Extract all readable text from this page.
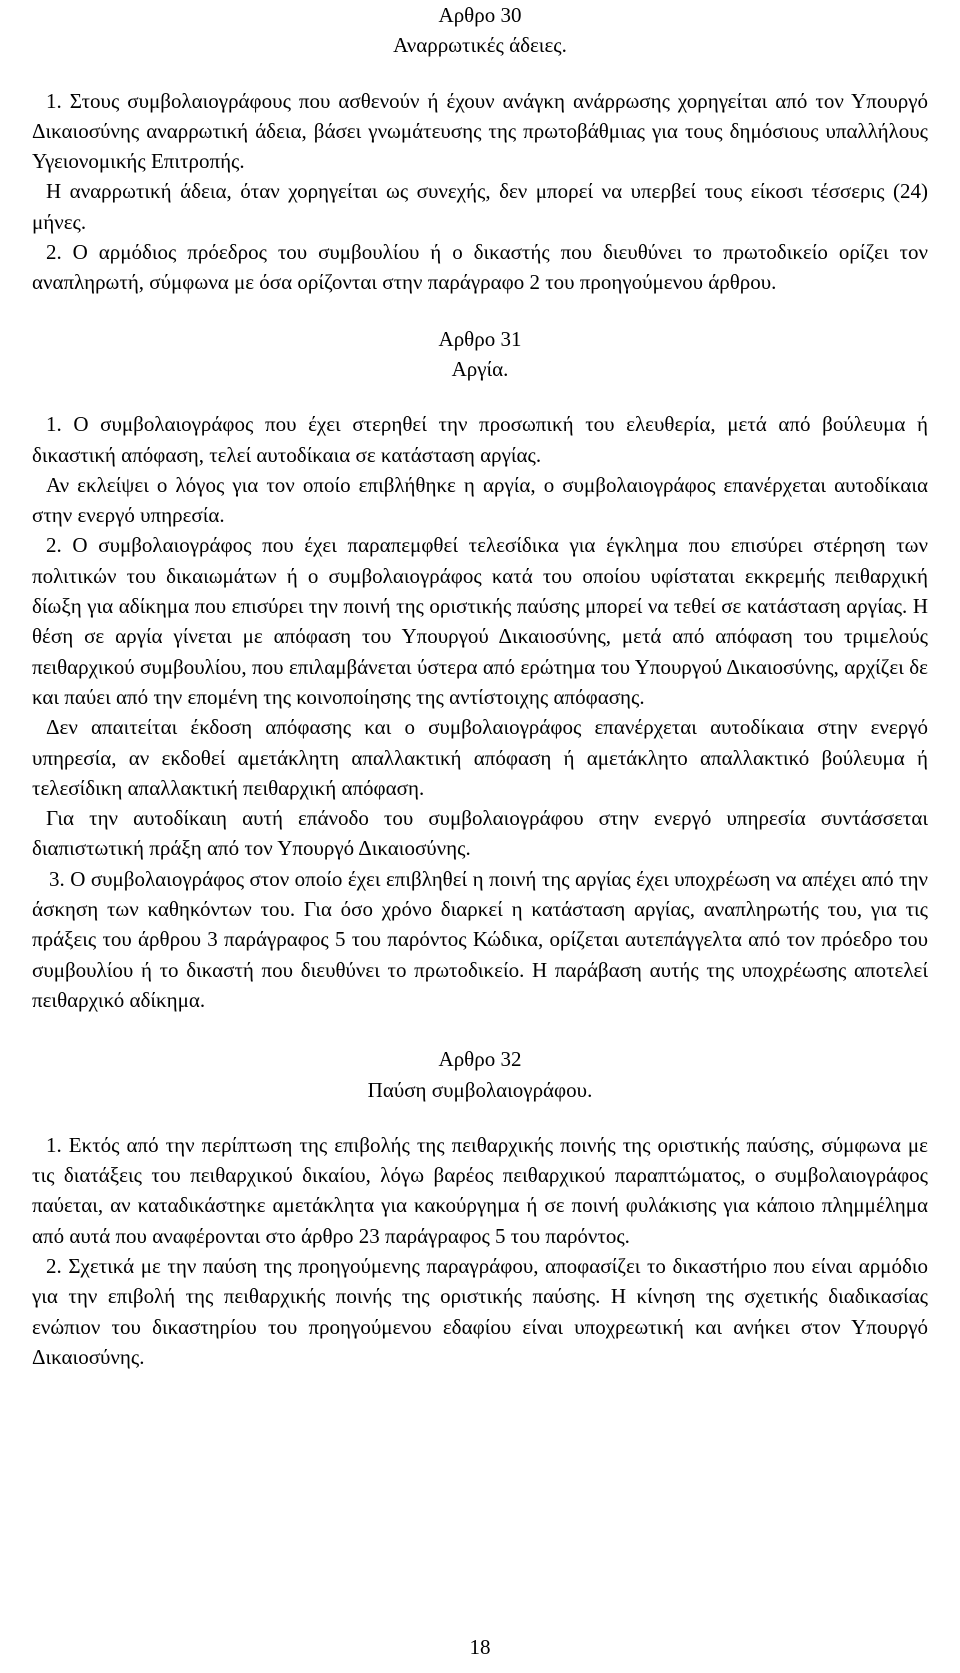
Αρθρο 30
Αναρρωτικές άδειες.

1. Στους συμβολαιογράφους που ασθενούν ή έχουν ανάγκη ανάρρωσης χορηγείται από τον Υπουργό Δικαιοσύνης αναρρωτική άδεια, βάσει γνωμάτευσης της πρωτοβάθμιας για τους δημόσιους υπαλλήλους Υγειονομικής Επιτροπής.

Η αναρρωτική άδεια, όταν χορηγείται ως συνεχής, δεν μπορεί να υπερβεί τους είκοσι τέσσερις (24) μήνες.

2. Ο αρμόδιος πρόεδρος του συμβουλίου ή ο δικαστής που διευθύνει το πρωτοδικείο ορίζει τον αναπληρωτή, σύμφωνα με όσα ορίζονται στην παράγραφο 2 του προηγούμενου άρθρου.

Αρθρο 31
Αργία.

1. Ο συμβολαιογράφος που έχει στερηθεί την προσωπική του ελευθερία, μετά από βούλευμα ή δικαστική απόφαση, τελεί αυτοδίκαια σε κατάσταση αργίας.

Αν εκλείψει ο λόγος για τον οποίο επιβλήθηκε η αργία, ο συμβολαιογράφος επανέρχεται αυτοδίκαια στην ενεργό υπηρεσία.

2. Ο συμβολαιογράφος που έχει παραπεμφθεί τελεσίδικα για έγκλημα που επισύρει στέρηση των πολιτικών του δικαιωμάτων ή ο συμβολαιογράφος κατά του οποίου υφίσταται εκκρεμής πειθαρχική δίωξη για αδίκημα που επισύρει την ποινή της οριστικής παύσης μπορεί να τεθεί σε κατάσταση αργίας. Η θέση σε αργία γίνεται με απόφαση του Υπουργού Δικαιοσύνης, μετά από απόφαση του τριμελούς πειθαρχικού συμβουλίου, που επιλαμβάνεται ύστερα από ερώτημα του Υπουργού Δικαιοσύνης, αρχίζει δε και παύει από την επομένη της κοινοποίησης της αντίστοιχης απόφασης.

Δεν απαιτείται έκδοση απόφασης και ο συμβολαιογράφος επανέρχεται αυτοδίκαια στην ενεργό υπηρεσία, αν εκδοθεί αμετάκλητη απαλλακτική απόφαση ή αμετάκλητο απαλλακτικό βούλευμα ή τελεσίδικη απαλλακτική πειθαρχική απόφαση.

Για την αυτοδίκαιη αυτή επάνοδο του συμβολαιογράφου στην ενεργό υπηρεσία συντάσσεται διαπιστωτική πράξη από τον Υπουργό Δικαιοσύνης.

3. Ο συμβολαιογράφος στον οποίο έχει επιβληθεί η ποινή της αργίας έχει υποχρέωση να απέχει από την άσκηση των καθηκόντων του. Για όσο χρόνο διαρκεί η κατάσταση αργίας, αναπληρωτής του, για τις πράξεις του άρθρου 3 παράγραφος 5 του παρόντος Κώδικα, ορίζεται αυτεπάγγελτα από τον πρόεδρο του συμβουλίου ή το δικαστή που διευθύνει το πρωτοδικείο. Η παράβαση αυτής της υποχρέωσης αποτελεί πειθαρχικό αδίκημα.

Αρθρο 32
Παύση συμβολαιογράφου.

1. Εκτός από την περίπτωση της επιβολής της πειθαρχικής ποινής της οριστικής παύσης, σύμφωνα με τις διατάξεις του πειθαρχικού δικαίου, λόγω βαρέος πειθαρχικού παραπτώματος, ο συμβολαιογράφος παύεται, αν καταδικάστηκε αμετάκλητα για κακούργημα ή σε ποινή φυλάκισης για κάποιο πλημμέλημα από αυτά που αναφέρονται στο άρθρο 23 παράγραφος 5 του παρόντος.

2. Σχετικά με την παύση της προηγούμενης παραγράφου, αποφασίζει το δικαστήριο που είναι αρμόδιο για την επιβολή της πειθαρχικής ποινής της οριστικής παύσης. Η κίνηση της σχετικής διαδικασίας ενώπιον του δικαστηρίου του προηγούμενου εδαφίου είναι υποχρεωτική και ανήκει στον Υπουργό Δικαιοσύνης.

18
